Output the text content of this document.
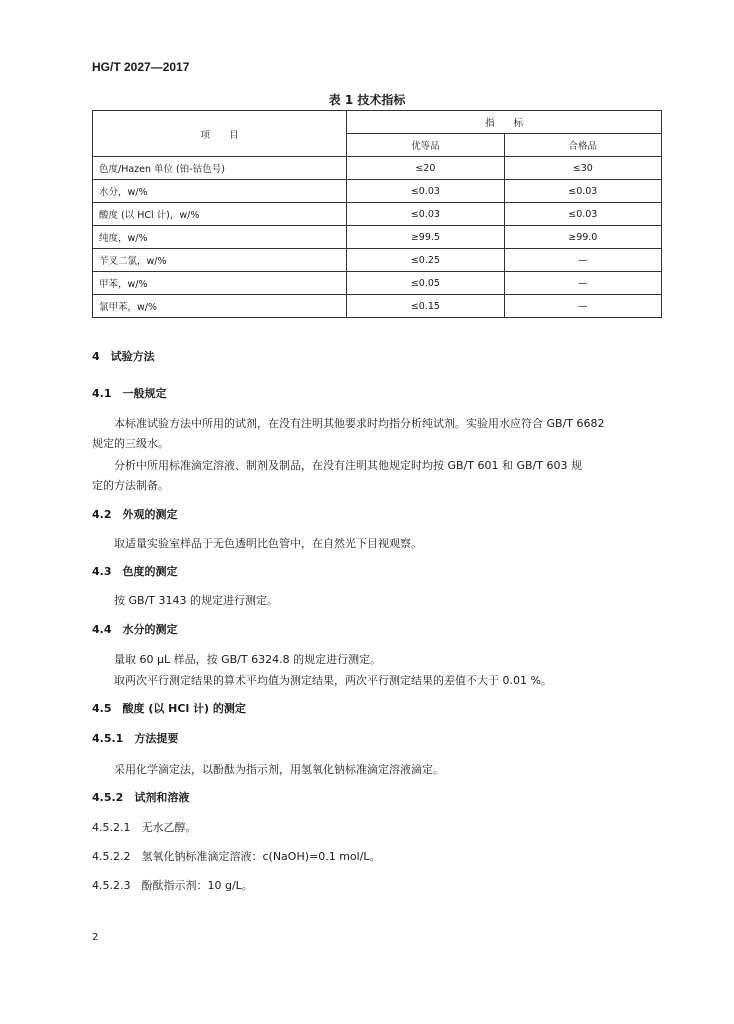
HG/T 2027—2017
表 1 技术指标
项　　目	指　　标	
	优等品	合格品
色度/Hazen 单位 (铂-钴色号)	≤20	≤30
水分，w/%	≤0.03	≤0.03
酸度 (以 HCl 计)，w/%	≤0.03	≤0.03
纯度，w/%	≥99.5	≥99.0
苄叉二氯，w/%	≤0.25	—
甲苯，w/%	≤0.05	—
氯甲苯，w/%	≤0.15	—
4　试验方法
4.1　一般规定
本标准试验方法中所用的试剂，在没有注明其他要求时均指分析纯试剂。实验用水应符合 GB/T 6682
规定的三级水。
分析中所用标准滴定溶液、制剂及制品，在没有注明其他规定时均按 GB/T 601 和 GB/T 603 规
定的方法制备。
4.2　外观的测定
取适量实验室样品于无色透明比色管中，在自然光下目视观察。
4.3　色度的测定
按 GB/T 3143 的规定进行测定。
4.4　水分的测定
量取 60 μL 样品，按 GB/T 6324.8 的规定进行测定。
取两次平行测定结果的算术平均值为测定结果，两次平行测定结果的差值不大于 0.01 %。
4.5　酸度 (以 HCl 计) 的测定
4.5.1　方法提要
采用化学滴定法，以酚酞为指示剂，用氢氧化钠标准滴定溶液滴定。
4.5.2　试剂和溶液
4.5.2.1　无水乙醇。
4.5.2.2　氢氧化钠标准滴定溶液：c(NaOH)=0.1 mol/L。
4.5.2.3　酚酞指示剂：10 g/L。
2
